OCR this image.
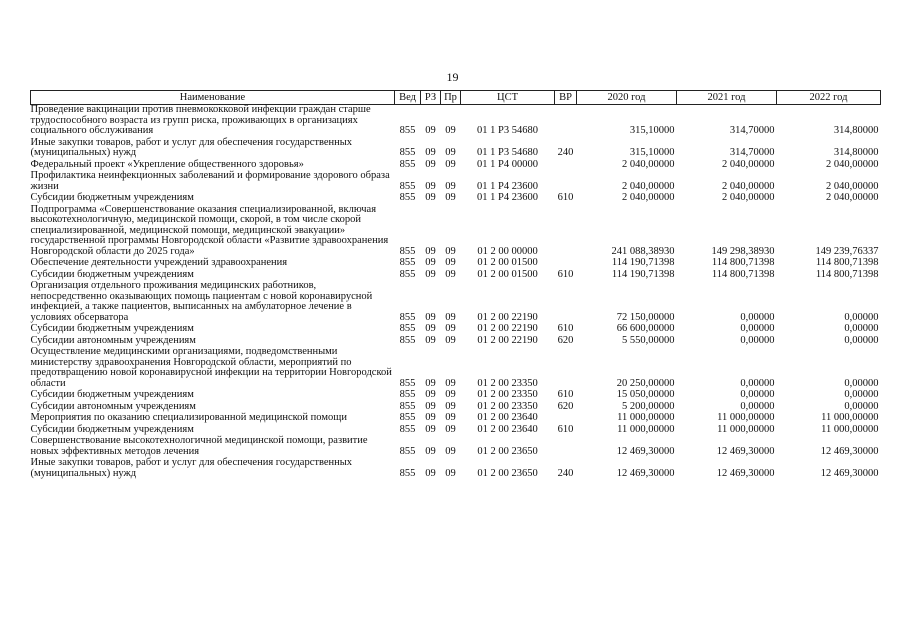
19
Наименование	Вед	РЗ	Пр	ЦСТ	ВР	2020 год	2021 год	2022 год
Проведение вакцинации против пневмококковой инфекции граждан старше трудоспособного возраста из групп риска, проживающих в организациях социального обслуживания	855	09	09	01 1 Р3 54680		315,10000	314,70000	314,80000
Иные закупки товаров, работ и услуг для обеспечения государственных (муниципальных) нужд	855	09	09	01 1 Р3 54680	240	315,10000	314,70000	314,80000
Федеральный проект «Укрепление общественного здоровья»	855	09	09	01 1 Р4 00000		2 040,00000	2 040,00000	2 040,00000
Профилактика неинфекционных заболеваний и формирование здорового образа жизни	855	09	09	01 1 Р4 23600		2 040,00000	2 040,00000	2 040,00000
Субсидии бюджетным учреждениям	855	09	09	01 1 Р4 23600	610	2 040,00000	2 040,00000	2 040,00000
Подпрограмма «Совершенствование оказания специализированной, включая высокотехнологичную, медицинской помощи, скорой, в том числе скорой специализированной, медицинской помощи, медицинской эвакуации» государственной программы Новгородской области «Развитие здравоохранения Новгородской области до 2025 года»	855	09	09	01 2 00 00000		241 088,38930	149 298,38930	149 239,76337
Обеспечение деятельности учреждений здравоохранения	855	09	09	01 2 00 01500		114 190,71398	114 800,71398	114 800,71398
Субсидии бюджетным учреждениям	855	09	09	01 2 00 01500	610	114 190,71398	114 800,71398	114 800,71398
Организация отдельного проживания медицинских работников, непосредственно оказывающих помощь пациентам с новой коронавирусной инфекцией, а также пациентов, выписанных на амбулаторное лечение в условиях обсерватора	855	09	09	01 2 00 22190		72 150,00000	0,00000	0,00000
Субсидии бюджетным учреждениям	855	09	09	01 2 00 22190	610	66 600,00000	0,00000	0,00000
Субсидии автономным учреждениям	855	09	09	01 2 00 22190	620	5 550,00000	0,00000	0,00000
Осуществление медицинскими организациями, подведомственными министерству здравоохранения Новгородской области, мероприятий по предотвращению новой коронавирусной инфекции на территории Новгородской области	855	09	09	01 2 00 23350		20 250,00000	0,00000	0,00000
Субсидии бюджетным учреждениям	855	09	09	01 2 00 23350	610	15 050,00000	0,00000	0,00000
Субсидии автономным учреждениям	855	09	09	01 2 00 23350	620	5 200,00000	0,00000	0,00000
Мероприятия по оказанию специализированной медицинской помощи	855	09	09	01 2 00 23640		11 000,00000	11 000,00000	11 000,00000
Субсидии бюджетным учреждениям	855	09	09	01 2 00 23640	610	11 000,00000	11 000,00000	11 000,00000
Совершенствование высокотехнологичной медицинской помощи, развитие новых эффективных методов лечения	855	09	09	01 2 00 23650		12 469,30000	12 469,30000	12 469,30000
Иные закупки товаров, работ и услуг для обеспечения государственных (муниципальных) нужд	855	09	09	01 2 00 23650	240	12 469,30000	12 469,30000	12 469,30000
